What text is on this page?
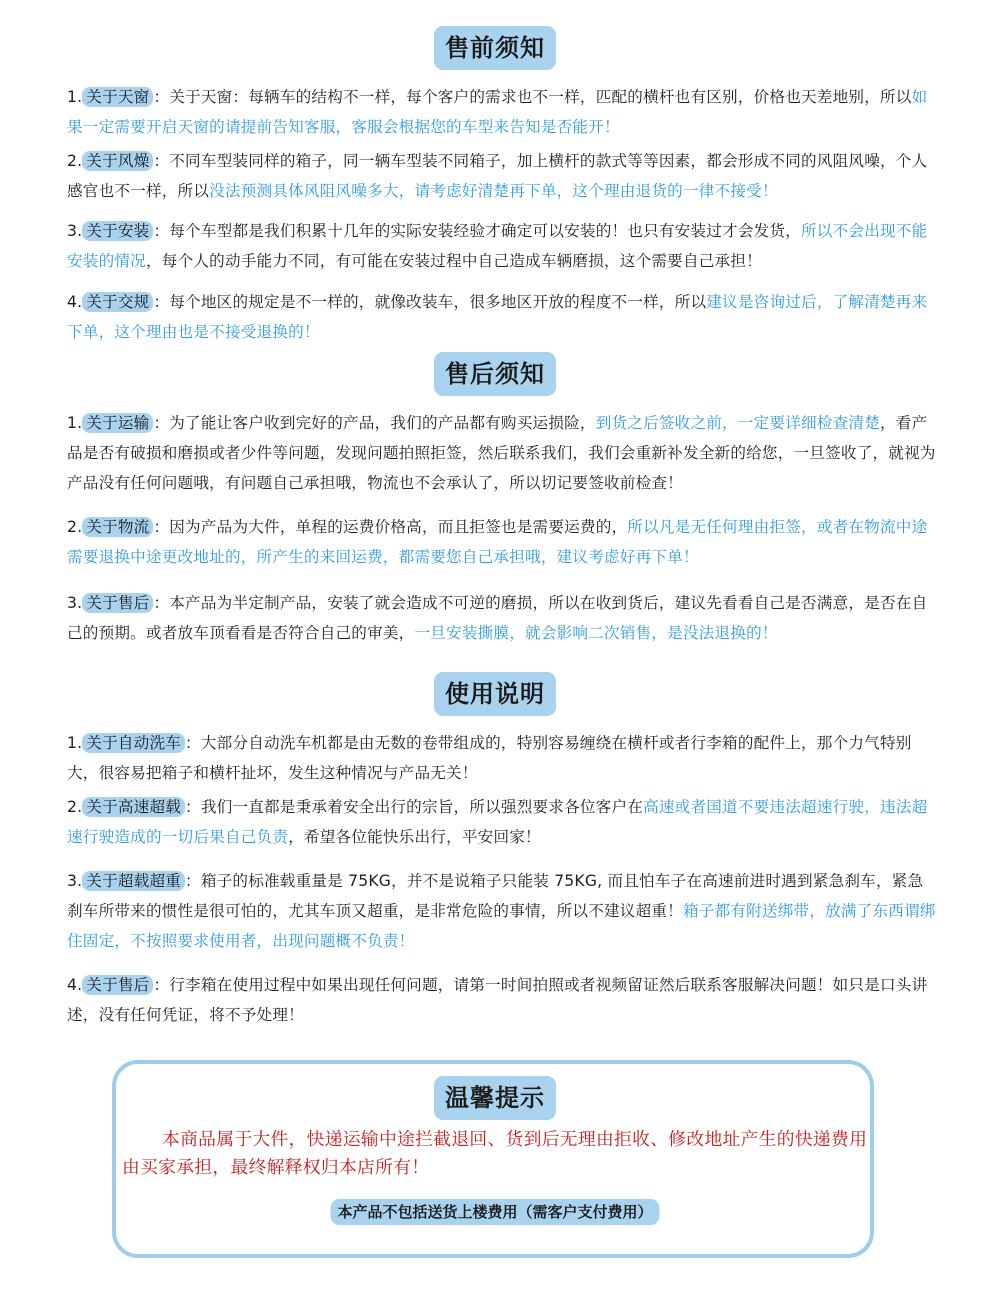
售前须知
售后须知
使用说明
1. 关于天窗 ：关于天窗：每辆车的结构不一样，每个客户的需求也不一样，匹配的横杆也有区别，价格也天差地别，所以如果一定需要开启天窗的请提前告知客服，客服会根据您的车型来告知是否能开！
2. 关于风燥 ：不同车型装同样的箱子，同一辆车型装不同箱子，加上横杆的款式等等因素，都会形成不同的风阻风噪，个人感官也不一样，所以没法预测具体风阻风噪多大，请考虑好清楚再下单，这个理由退货的一律不接受！
3. 关于安装 ：每个车型都是我们积累十几年的实际安装经验才确定可以安装的！也只有安装过才会发货，所以不会出现不能安装的情况，每个人的动手能力不同，有可能在安装过程中自己造成车辆磨损，这个需要自己承担！
4. 关于交规 ：每个地区的规定是不一样的，就像改装车，很多地区开放的程度不一样，所以建议是咨询过后，了解清楚再来下单，这个理由也是不接受退换的！
1. 关于运输 ：为了能让客户收到完好的产品，我们的产品都有购买运损险，到货之后签收之前，一定要详细检查清楚，看产品是否有破损和磨损或者少件等问题，发现问题拍照拒签，然后联系我们，我们会重新补发全新的给您，一旦签收了，就视为产品没有任何问题哦，有问题自己承担哦，物流也不会承认了，所以切记要签收前检查！
2. 关于物流 ：因为产品为大件，单程的运费价格高，而且拒签也是需要运费的，所以凡是无任何理由拒签，或者在物流中途需要退换中途更改地址的，所产生的来回运费，都需要您自己承担哦，建议考虑好再下单！
3. 关于售后 ：本产品为半定制产品，安装了就会造成不可逆的磨损，所以在收到货后，建议先看看自己是否满意，是否在自己的预期。或者放车顶看看是否符合自己的审美，一旦安装撕膜，就会影响二次销售，是没法退换的！
1. 关于自动洗车 ：大部分自动洗车机都是由无数的卷带组成的，特别容易缠绕在横杆或者行李箱的配件上，那个力气特别大，很容易把箱子和横杆扯坏，发生这种情况与产品无关！
2. 关于高速超载 ：我们一直都是秉承着安全出行的宗旨，所以强烈要求各位客户在高速或者国道不要违法超速行驶，违法超速行驶造成的一切后果自己负责，希望各位能快乐出行，平安回家！
3. 关于超载超重 ：箱子的标准载重量是 75KG，并不是说箱子只能装 75KG, 而且怕车子在高速前进时遇到紧急刹车，紧急刹车所带来的惯性是很可怕的，尤其车顶又超重，是非常危险的事情，所以不建议超重！箱子都有附送绑带，放满了东西谓绑住固定，不按照要求使用者，出现问题概不负责！
4. 关于售后 ：行李箱在使用过程中如果出现任何问题，请第一时间拍照或者视频留证然后联系客服解决问题！如只是口头讲述，没有任何凭证，将不予处理！
温馨提示
本商品属于大件，快递运输中途拦截退回、货到后无理由拒收、修改地址产生的快递费用由买家承担，最终解释权归本店所有！
本产品不包括送货上楼费用（需客户支付费用）
